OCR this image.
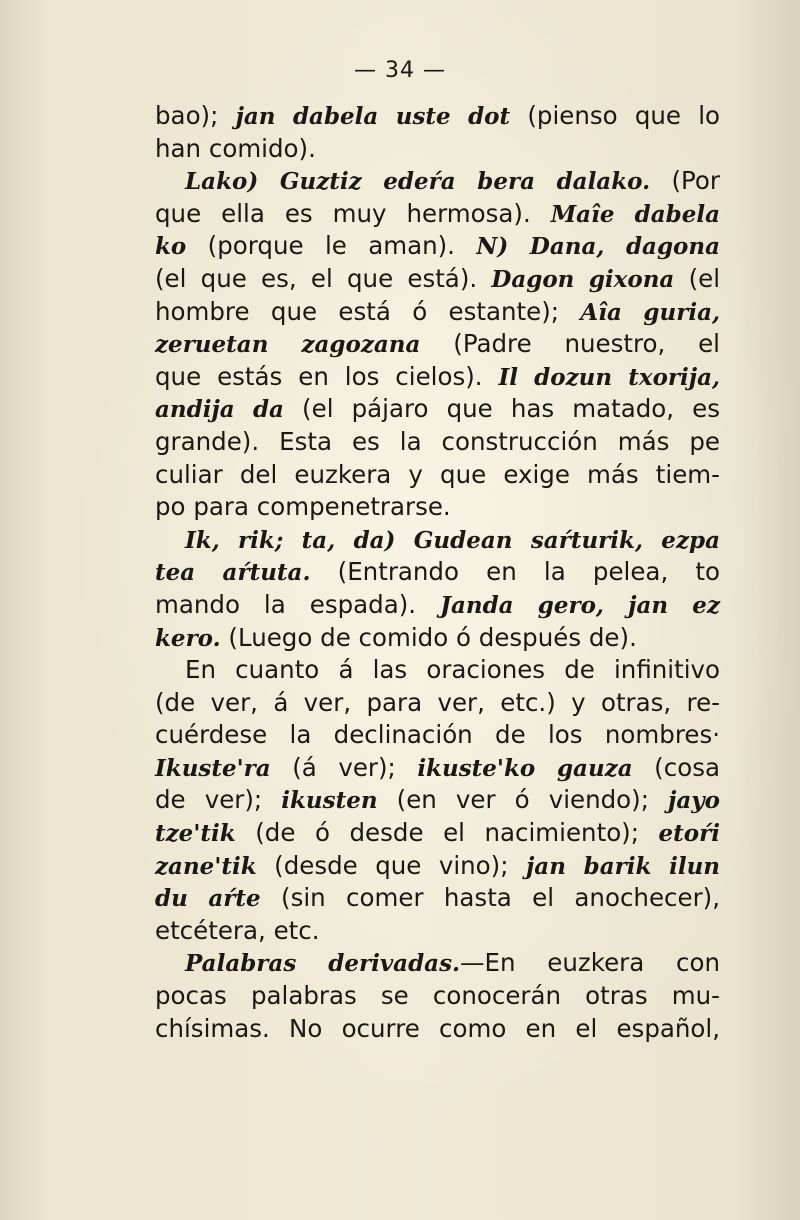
— 34 —
bao); jan dabela uste dot (pienso que lo
han comido).
Lako) Guztiz edeŕa bera dalako. (Por
que ella es muy hermosa). Maîe dabela
ko (porque le aman). N) Dana, dagona
(el que es, el que está). Dagon gixona (el
hombre que está ó estante); Aîa guria,
zeruetan zagozana (Padre nuestro, el
que estás en los cielos). Il dozun txorija,
andija da (el pájaro que has matado, es
grande). Esta es la construcción más pe
culiar del euzkera y que exige más tiem-
po para compenetrarse.
Ik, rik; ta, da) Gudean saŕturik, ezpa
tea aŕtuta. (Entrando en la pelea, to
mando la espada). Janda gero, jan ez
kero. (Luego de comido ó después de).
En cuanto á las oraciones de infinitivo
(de ver, á ver, para ver, etc.) y otras, re-
cuérdese la declinación de los nombres·
Ikuste'ra (á ver); ikuste'ko gauza (cosa
de ver); ikusten (en ver ó viendo); jayo
tze'tik (de ó desde el nacimiento); etoŕi
zane'tik (desde que vino); jan barik ilun
du aŕte (sin comer hasta el anochecer),
etcétera, etc.
Palabras derivadas.—En euzkera con
pocas palabras se conocerán otras mu-
chísimas. No ocurre como en el español,
